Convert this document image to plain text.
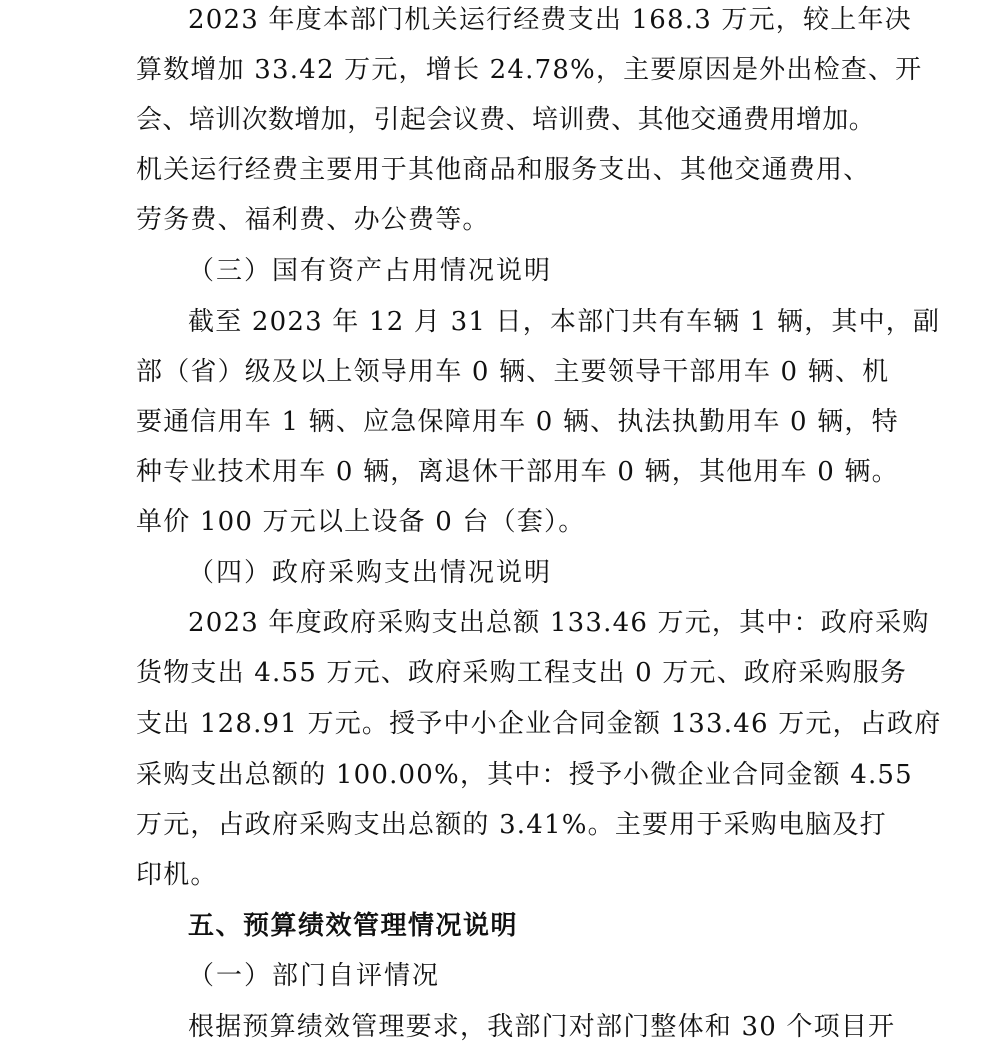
2023 年度本部门机关运行经费支出 168.3 万元，较上年决
算数增加 33.42 万元，增长 24.78%，主要原因是外出检查、开
会、培训次数增加，引起会议费、培训费、其他交通费用增加。
机关运行经费主要用于其他商品和服务支出、其他交通费用、
劳务费、福利费、办公费等。
（三）国有资产占用情况说明
截至 2023 年 12 月 31 日，本部门共有车辆 1 辆，其中，副
部（省）级及以上领导用车 0 辆、主要领导干部用车 0 辆、机
要通信用车 1 辆、应急保障用车 0 辆、执法执勤用车 0 辆，特
种专业技术用车 0 辆，离退休干部用车 0 辆，其他用车 0 辆。
单价 100 万元以上设备 0 台（套）。
（四）政府采购支出情况说明
2023 年度政府采购支出总额 133.46 万元，其中：政府采购
货物支出 4.55 万元、政府采购工程支出 0 万元、政府采购服务
支出 128.91 万元。授予中小企业合同金额 133.46 万元，占政府
采购支出总额的 100.00%，其中：授予小微企业合同金额 4.55
万元，占政府采购支出总额的 3.41%。主要用于采购电脑及打
印机。
五、预算绩效管理情况说明
（一）部门自评情况
根据预算绩效管理要求，我部门对部门整体和 30 个项目开
